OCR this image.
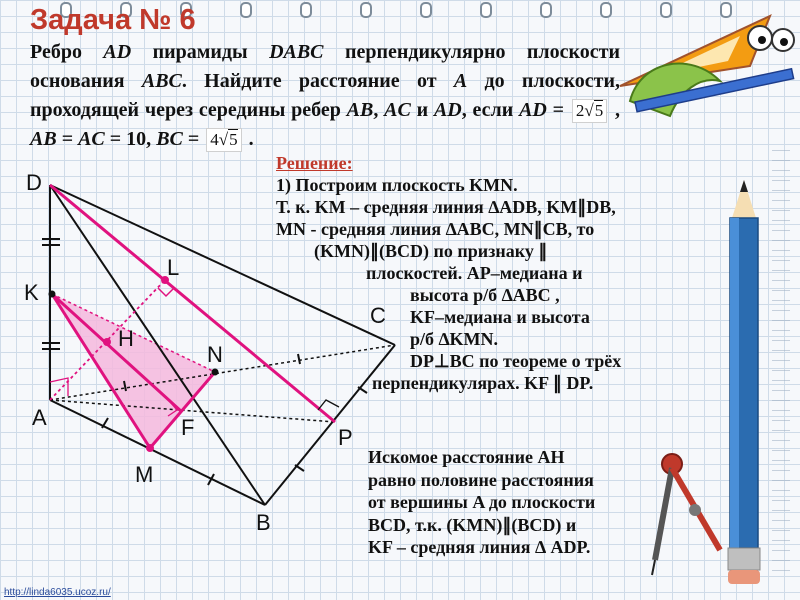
Задача № 6
Ребро AD пирамиды DABC перпендикулярно плоскости основания ABC. Найдите расстояние от A до плоскости, проходящей через середины ребер AB, AC и AD, если AD = 2√5 , AB = AC = 10, BC = 4√5 .
D
K
A
M
B
C
P
N
F
L
H
Решение:
1) Построим плоскость KMN.
Т. к. KM – средняя линия ∆ADB, KM∥DB,
MN - средняя линия ∆ABC, MN∥CB, то
(KMN)∥(BCD) по признаку ∥
плоскостей. AP–медиана и
высота р/б ∆ABC ,
KF–медиана и высота
р/б ∆KMN.
DP⊥BC по теореме о трёх
перпендикулярах. KF ∥ DP.
Искомое расстояние AH
равно половине расстояния
от вершины A до плоскости
BCD, т.к. (KMN)∥(BCD) и
KF – средняя линия ∆ ADP.
http://linda6035.ucoz.ru/
